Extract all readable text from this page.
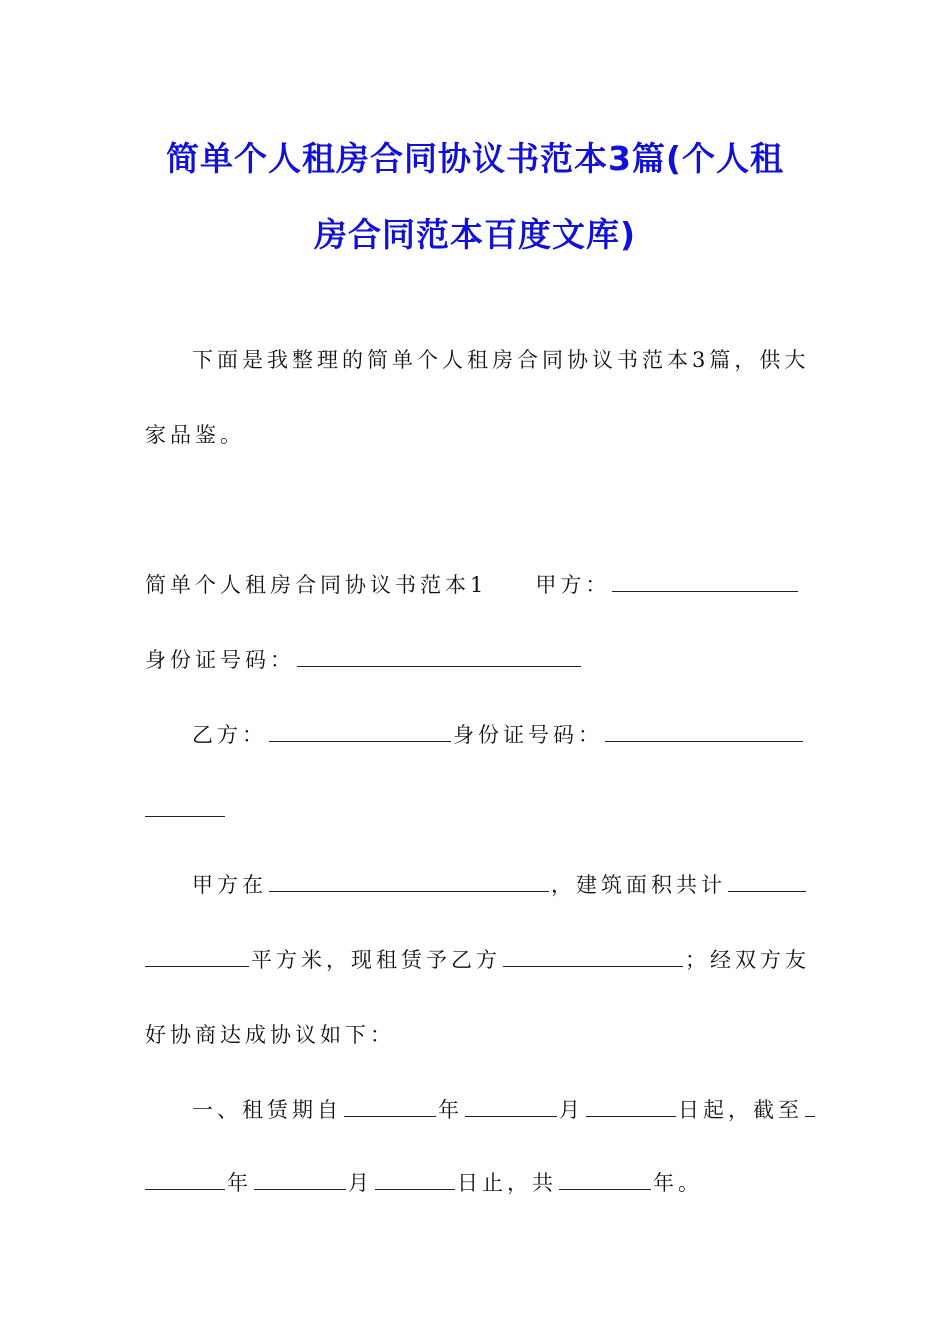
简单个人租房合同协议书范本3篇(个人租
房合同范本百度文库)
下面是我整理的简单个人租房合同协议书范本3篇，供大
家品鉴。
简单个人租房合同协议书范本1 甲方：
身份证号码：
乙方：	身份证号码：
甲方在	，建筑面积共计
平方米，现租赁予乙方	；经双方友
好协商达成协议如下：
一、租赁期自	年	月	日起，截至
年	月	日止，共	年。
